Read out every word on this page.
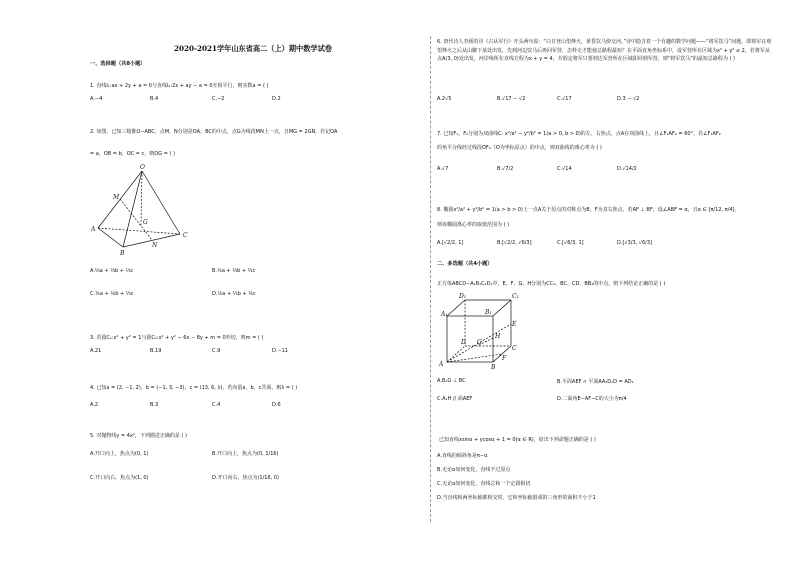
2020-2021学年山东省高二（上）期中数学试卷
一、选择题（共8小题）
1. 直线l₁:ax + 2y + a = 0与直线l₂:2x + ay − a = 0互相平行，则实数a = ( )
A.−4	B.4	C.−2	D.2
2. 如图，已知三棱锥O−ABC，点M，N分别是OA，BC的中点，点G为线段MN上一点，且MG = 2GN，若记OA
= a，OB = b，OC = c，则OG = ( )
O
M
G
A
C
B
N
A.⅓a + ⅓b + ⅓c	B.⅙a + ⅓b + ⅓c
C.⅙a + ⅙b + ⅓c	D.⅙a + ⅓b + ⅙c
3. 若圆C₁:x² + y² = 1与圆C₂:x² + y² − 6x − 8y + m = 0外切，则m = ( )
A.21	B.19	C.9	D.−11
4. 已知a = (2, −1, 2)，b = (−1, 3, −3)，c = (13, 6, λ)，若向量a，b，c共面，则λ = ( )
A.2	B.3	C.4	D.6
5. 对抛物线y = 4x²，下列描述正确的是 ( )
A.开口向上，焦点为(0, 1)	B.开口向上，焦点为(0, 1/16)
C.开口向右，焦点为(1, 0)	D.开口向右，焦点为(1/16, 0)
6. 唐代诗人李颀的诗《古从军行》开头两句说：“白日登山望烽火，黄昏饮马傍交河。”诗中隐含着一个有趣的数学问题——“将军饮马”问题，即将军在观望烽火之后从山脚下某处出发，先到河边饮马后再回军营，怎样走才能使总路程最短？在平面直角坐标系中，设军营所在区域为x² + y² ≤ 2，若将军从点A(3, 0)处出发，河岸线所在直线方程为x + y = 4，并假定将军只要到达军营所在区域即回到军营，则“将军饮马”的最短总路程为 ( )
A.2√5	B.√17 − √2	C.√17	D.3 − √2
7. 已知F₁，F₂分别为双曲线C: x²/a² − y²/b² = 1(a > 0, b > 0)的左、右焦点，点A在双曲线上，且∠F₁AF₂ = 60°，若∠F₁AF₂
的角平分线经过线段OF₂（O为坐标原点）的中点，则双曲线的离心率为 ( )
A.√7	B.√7/2	C.√14	D.√14/2
8. 椭圆x²/a² + y²/b² = 1(a > b > 0)上一点A关于原点的对称点为B，F为其右焦点，若AF ⊥ BF，设∠ABF = α，且α ∈ [π/12, π/4]，
则该椭圆离心率的取值范围为 ( )
A.[√2/2, 1]	B.[√2/2, √6/3]	C.[√6/3, 1]	D.[√3/3, √6/3]
二、多选题（共4小题）
正方体ABCD−A₁B₁C₁D₁中，E、F、G、H分别为CC₁、BC、CD、BB₁的中点，则下列结论正确的是 ( )
A₁
D₁
B₁
C₁
H
E
A
D G
B
F
C
A.B₁G ⊥ BC	B.平面AEF ∩ 平面AA₁D₁D = AD₁
C.A₁H // 面AEF	D.二面角E−AF−C的大小为π/4
已知直线xsinα + ycosα + 1 = 0(α ∈ R)，给出下列命题正确的是 ( )
A.直线的倾斜角是π−α
B.无论α如何变化，直线不过原点
C.无论α如何变化，直线总和一个定圆相切
D.当直线和两坐标轴都相交时，它和坐标轴围成的三角形的面积不小于1
